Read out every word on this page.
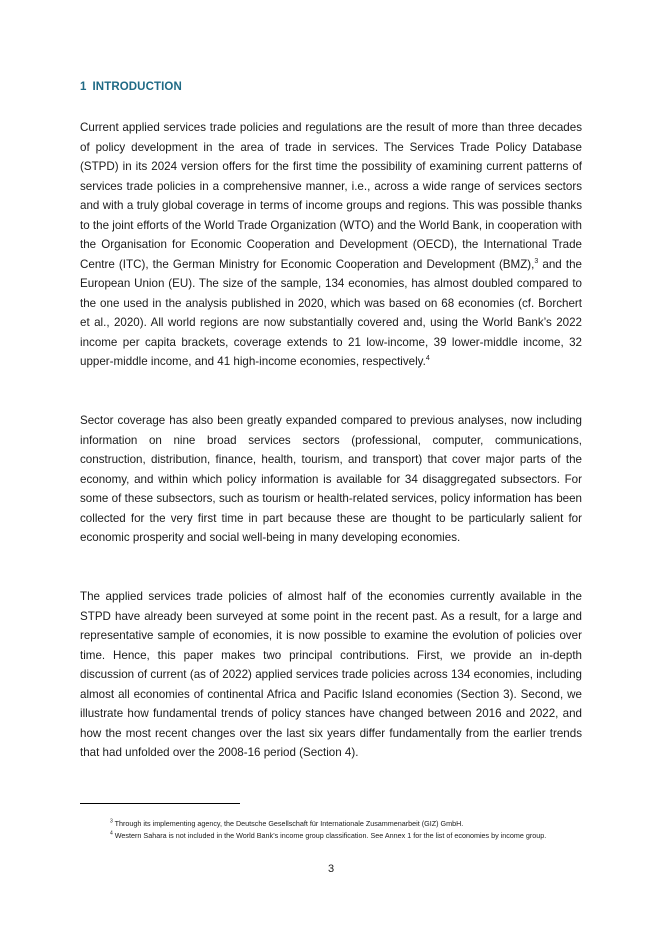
1 INTRODUCTION

Current applied services trade policies and regulations are the result of more than three decades of policy development in the area of trade in services. The Services Trade Policy Database (STPD) in its 2024 version offers for the first time the possibility of examining current patterns of services trade policies in a comprehensive manner, i.e., across a wide range of services sectors and with a truly global coverage in terms of income groups and regions. This was possible thanks to the joint efforts of the World Trade Organization (WTO) and the World Bank, in cooperation with the Organisation for Economic Cooperation and Development (OECD), the International Trade Centre (ITC), the German Ministry for Economic Cooperation and Development (BMZ),$^3$ and the European Union (EU). The size of the sample, 134 economies, has almost doubled compared to the one used in the analysis published in 2020, which was based on 68 economies (cf. Borchert et al., 2020). All world regions are now substantially covered and, using the World Bank’s 2022 income per capita brackets, coverage extends to 21 low-income, 39 lower-middle income, 32 upper-middle income, and 41 high-income economies, respectively.$^4$

Sector coverage has also been greatly expanded compared to previous analyses, now including information on nine broad services sectors (professional, computer, communications, construction, distribution, finance, health, tourism, and transport) that cover major parts of the economy, and within which policy information is available for 34 disaggregated subsectors. For some of these subsectors, such as tourism or health-related services, policy information has been collected for the very first time in part because these are thought to be particularly salient for economic prosperity and social well-being in many developing economies.

The applied services trade policies of almost half of the economies currently available in the STPD have already been surveyed at some point in the recent past. As a result, for a large and representative sample of economies, it is now possible to examine the evolution of policies over time. Hence, this paper makes two principal contributions. First, we provide an in-depth discussion of current (as of 2022) applied services trade policies across 134 economies, including almost all economies of continental Africa and Pacific Island economies (Section 3). Second, we illustrate how fundamental trends of policy stances have changed between 2016 and 2022, and how the most recent changes over the last six years differ fundamentally from the earlier trends that had unfolded over the 2008-16 period (Section 4).

$^3$ Through its implementing agency, the Deutsche Gesellschaft für Internationale Zusammenarbeit (GIZ) GmbH.

$^4$ Western Sahara is not included in the World Bank’s income group classification. See Annex 1 for the list of economies by income group.

3
